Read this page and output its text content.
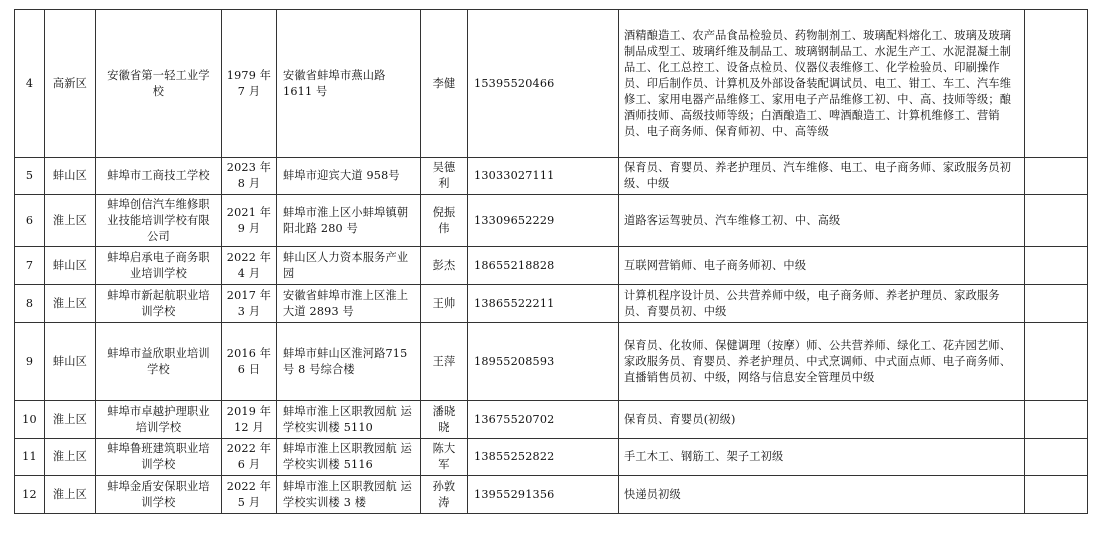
4	高新区	安徽省第一轻工业学校	1979 年7 月	安徽省蚌埠市燕山路1611 号	李健	15395520466	酒精酿造工、农产品食品检验员、药物制剂工、玻璃配料熔化工、玻璃及玻璃制品成型工、玻璃纤维及制品工、玻璃钢制品工、水泥生产工、水泥混凝土制品工、化工总控工、设备点检员、仪器仪表维修工、化学检验员、印刷操作员、印后制作员、计算机及外部设备装配调试员、电工、钳工、车工、汽车维修工、家用电器产品维修工、家用电子产品维修工初、中、高、技师等级；酿酒师技师、高级技师等级；白酒酿造工、啤酒酿造工、计算机维修工、营销员、电子商务师、保育师初、中、高等级	
5	蚌山区	蚌埠市工商技工学校	2023 年8 月	蚌埠市迎宾大道 958号	吴德利	13033027111	保育员、育婴员、养老护理员、汽车维修、电工、电子商务师、家政服务员初级、中级	
6	淮上区	蚌埠创信汽车维修职业技能培训学校有限公司	2021 年9 月	蚌埠市淮上区小蚌埠镇朝阳北路 280 号	倪振伟	13309652229	道路客运驾驶员、汽车维修工初、中、高级	
7	蚌山区	蚌埠启承电子商务职业培训学校	2022 年4 月	蚌山区人力资本服务产业园	彭杰	18655218828	互联网营销师、电子商务师初、中级	
8	淮上区	蚌埠市新起航职业培训学校	2017 年3 月	安徽省蚌埠市淮上区淮上大道 2893 号	王帅	13865522211	计算机程序设计员、公共营养师中级，电子商务师、养老护理员、家政服务员、育婴员初、中级	
9	蚌山区	蚌埠市益欣职业培训学校	2016 年6 日	蚌埠市蚌山区淮河路715 号 8 号综合楼	王萍	18955208593	保育员、化妆师、保健调理（按摩）师、公共营养师、绿化工、花卉园艺师、家政服务员、育婴员、养老护理员、中式烹调师、中式面点师、电子商务师、直播销售员初、中级，网络与信息安全管理员中级	
10	淮上区	蚌埠市卓越护理职业培训学校	2019 年12 月	蚌埠市淮上区职教园航 运学校实训楼 5110	潘晓晓	13675520702	保育员、育婴员(初级)	
11	淮上区	蚌埠鲁班建筑职业培训学校	2022 年6 月	蚌埠市淮上区职教园航 运学校实训楼 5116	陈大军	13855252822	手工木工、钢筋工、架子工初级	
12	淮上区	蚌埠金盾安保职业培训学校	2022 年5 月	蚌埠市淮上区职教园航 运学校实训楼 3 楼	孙敦涛	13955291356	快递员初级	
